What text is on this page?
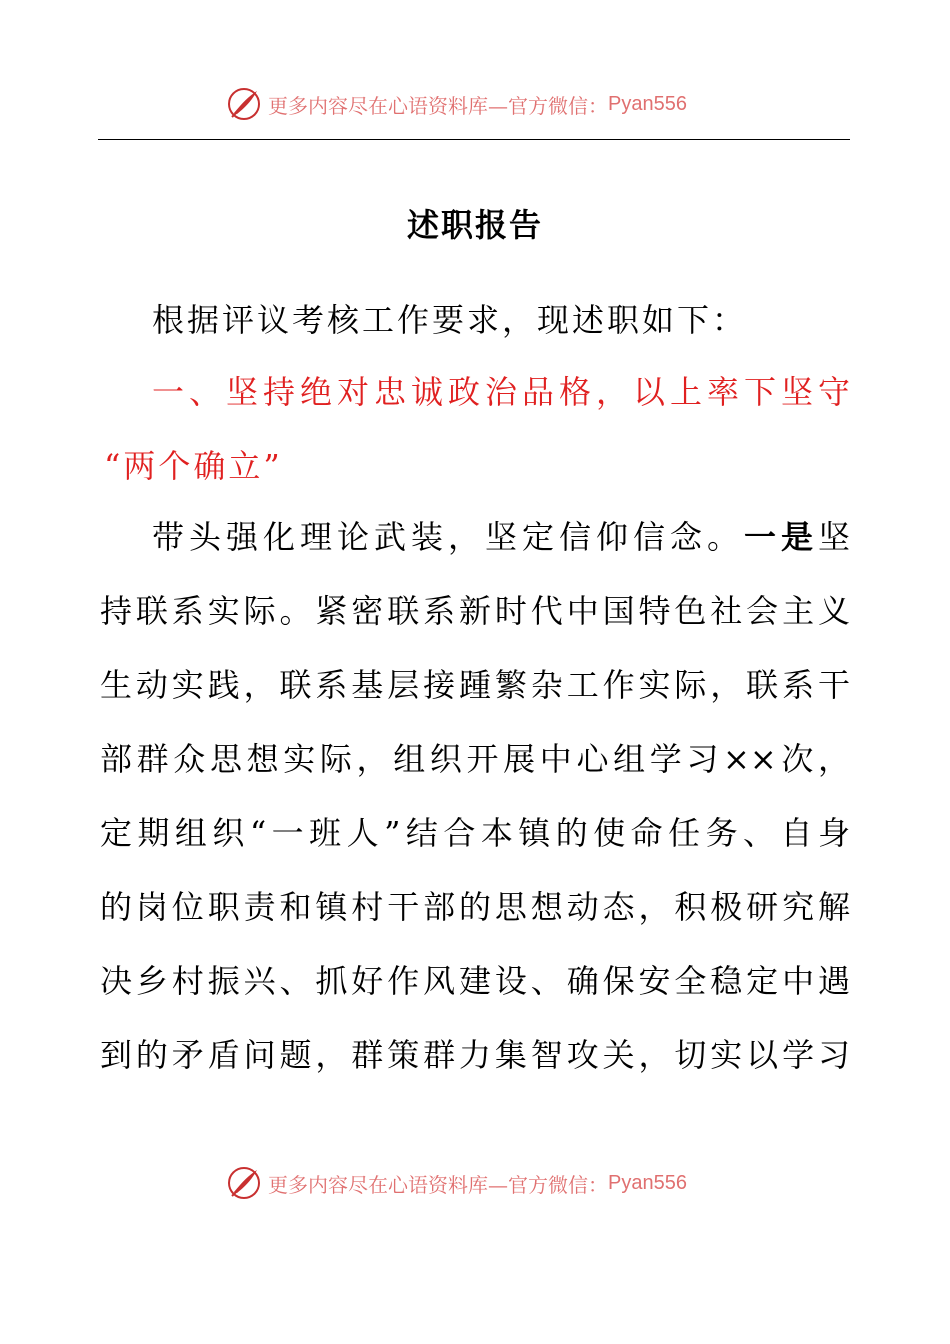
更多内容尽在心语资料库—官方微信： Pyan556
述职报告
根据评议考核工作要求，现述职如下：
一、坚持绝对忠诚政治品格，以上率下坚守
“两个确立”
带头强化理论武装，坚定信仰信念。一是坚
持联系实际。紧密联系新时代中国特色社会主义
生动实践，联系基层接踵繁杂工作实际，联系干
部群众思想实际，组织开展中心组学习××次，
定期组织“一班人”结合本镇的使命任务、自身
的岗位职责和镇村干部的思想动态，积极研究解
决乡村振兴、抓好作风建设、确保安全稳定中遇
到的矛盾问题，群策群力集智攻关，切实以学习
更多内容尽在心语资料库—官方微信： Pyan556
